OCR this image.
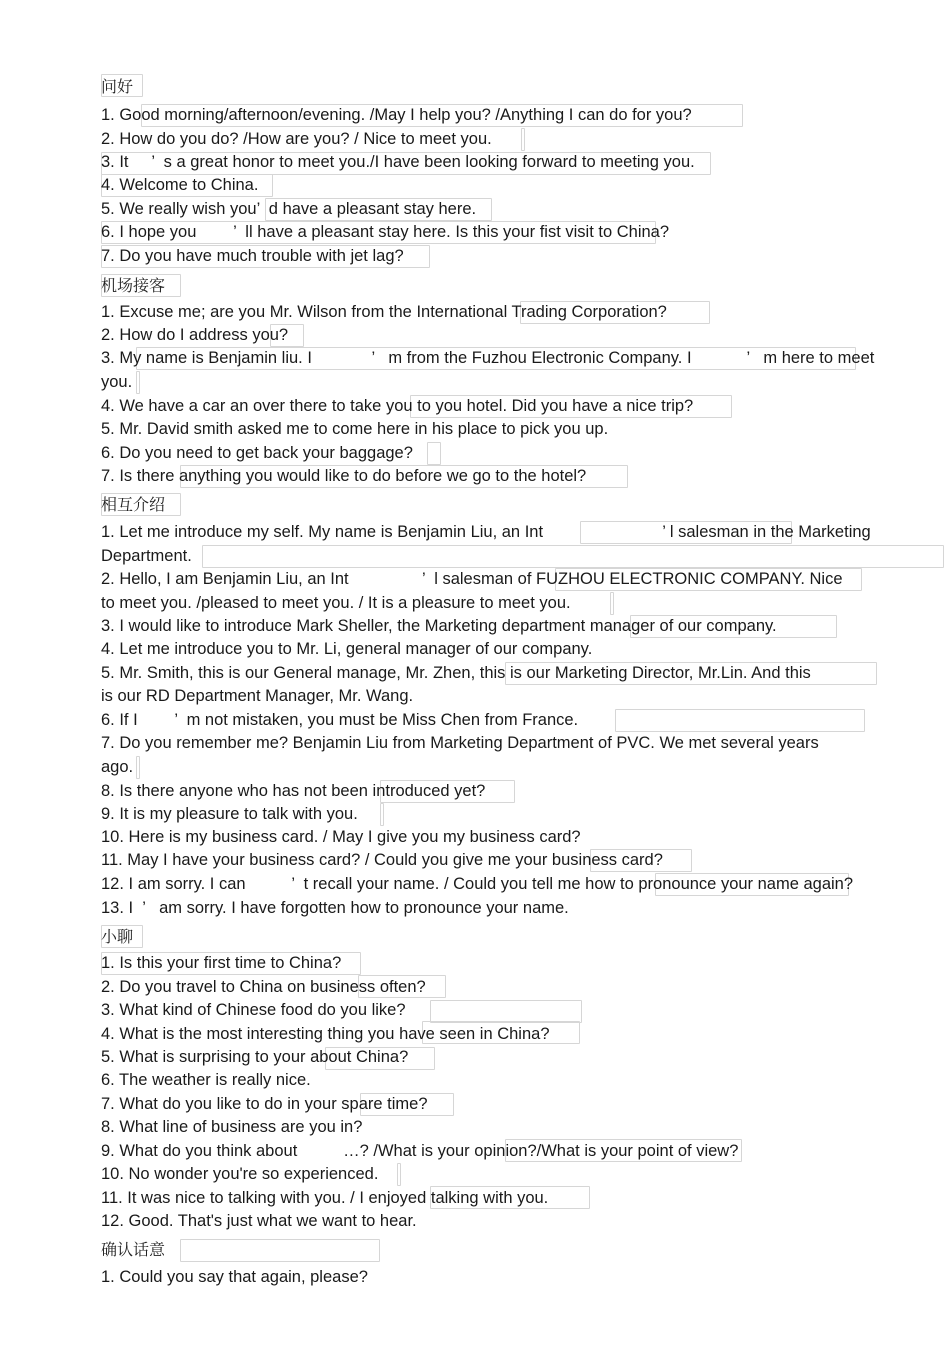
问好
1. Good morning/afternoon/evening. /May I help you? /Anything I can do for you?
2. How do you do? /How are you? / Nice to meet you.
3. It     ’  s a great honor to meet you./I have been looking forward to meeting you.
4. Welcome to China.
5. We really wish you’  d have a pleasant stay here.
6. I hope you        ’  ll have a pleasant stay here. Is this your fist visit to China?
7. Do you have much trouble with jet lag?
机场接客
1. Excuse me; are you Mr. Wilson from the International Trading Corporation?
2. How do I address you?
3. My name is Benjamin liu. I             ’   m from the Fuzhou Electronic Company. I            ’   m here to meet
you.
4. We have a car an over there to take you to you hotel. Did you have a nice trip?
5. Mr. David smith asked me to come here in his place to pick you up.
6. Do you need to get back your baggage?
7. Is there anything you would like to do before we go to the hotel?
相互介绍
1. Let me introduce my self. My name is Benjamin Liu, an Int                          ’ l salesman in the Marketing
Department.
2. Hello, I am Benjamin Liu, an Int                ’  l salesman of FUZHOU ELECTRONIC COMPANY. Nice
to meet you. /pleased to meet you. / It is a pleasure to meet you.
3. I would like to introduce Mark Sheller, the Marketing department manager of our company.
4. Let me introduce you to Mr. Li, general manager of our company.
5. Mr. Smith, this is our General manage, Mr. Zhen, this is our Marketing Director, Mr.Lin. And this
is our RD Department Manager, Mr. Wang.
6. If I        ’  m not mistaken, you must be Miss Chen from France.
7. Do you remember me? Benjamin Liu from Marketing Department of PVC. We met several years
ago.
8. Is there anyone who has not been introduced yet?
9. It is my pleasure to talk with you.
10. Here is my business card. / May I give you my business card?
11. May I have your business card? / Could you give me your business card?
12. I am sorry. I can          ’  t recall your name. / Could you tell me how to pronounce your name again?
13. I  ’   am sorry. I have forgotten how to pronounce your name.
小聊
1. Is this your first time to China?
2. Do you travel to China on business often?
3. What kind of Chinese food do you like?
4. What is the most interesting thing you have seen in China?
5. What is surprising to your about China?
6. The weather is really nice.
7. What do you like to do in your spare time?
8. What line of business are you in?
9. What do you think about          …? /What is your opinion?/What is your point of view?
10. No wonder you're so experienced.
11. It was nice to talking with you. / I enjoyed talking with you.
12. Good. That's just what we want to hear.
确认话意
1. Could you say that again, please?
